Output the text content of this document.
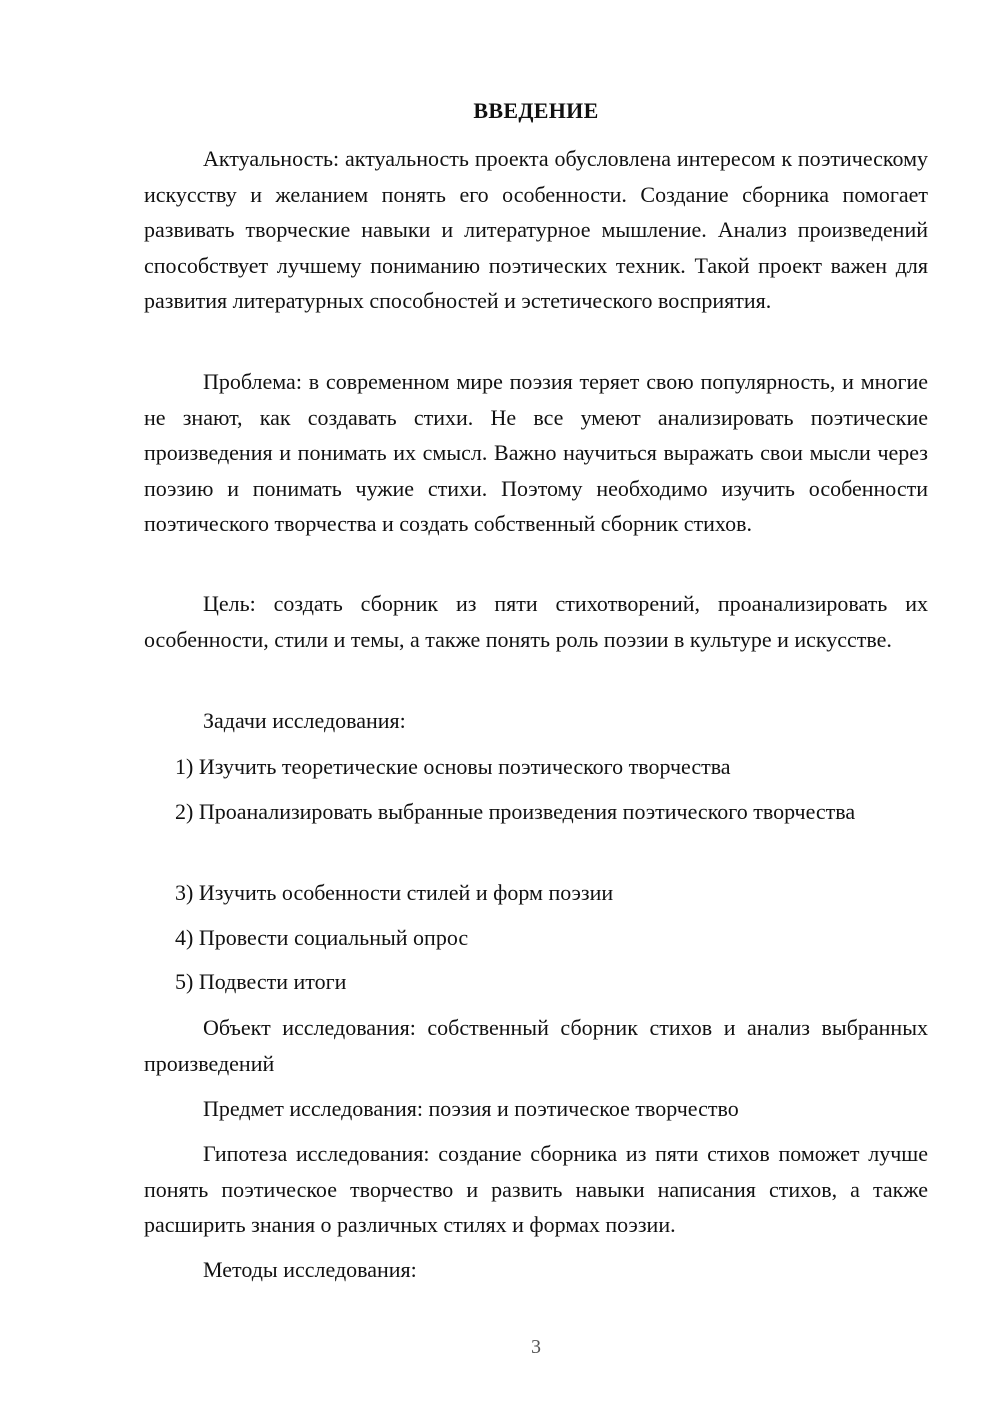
ВВЕДЕНИЕ

Актуальность: актуальность проекта обусловлена интересом к поэтическому искусству и желанием понять его особенности. Создание сборника помогает развивать творческие навыки и литературное мышление. Анализ произведений способствует лучшему пониманию поэтических техник. Такой проект важен для развития литературных способностей и эстетического восприятия.

Проблема: в современном мире поэзия теряет свою популярность, и многие не знают, как создавать стихи. Не все умеют анализировать поэтические произведения и понимать их смысл. Важно научиться выражать свои мысли через поэзию и понимать чужие стихи. Поэтому необходимо изучить особенности поэтического творчества и создать собственный сборник стихов.

Цель: создать сборник из пяти стихотворений, проанализировать их особенности, стили и темы, а также понять роль поэзии в культуре и искусстве.

Задачи исследования:

1) Изучить теоретические основы поэтического творчества

2) Проанализировать выбранные произведения поэтического творчества

3) Изучить особенности стилей и форм поэзии

4) Провести социальный опрос

5) Подвести итоги

Объект исследования: собственный сборник стихов и анализ выбранных произведений

Предмет исследования: поэзия и поэтическое творчество

Гипотеза исследования: создание сборника из пяти стихов поможет лучше понять поэтическое творчество и развить навыки написания стихов, а также расширить знания о различных стилях и формах поэзии.

Методы исследования:

3
